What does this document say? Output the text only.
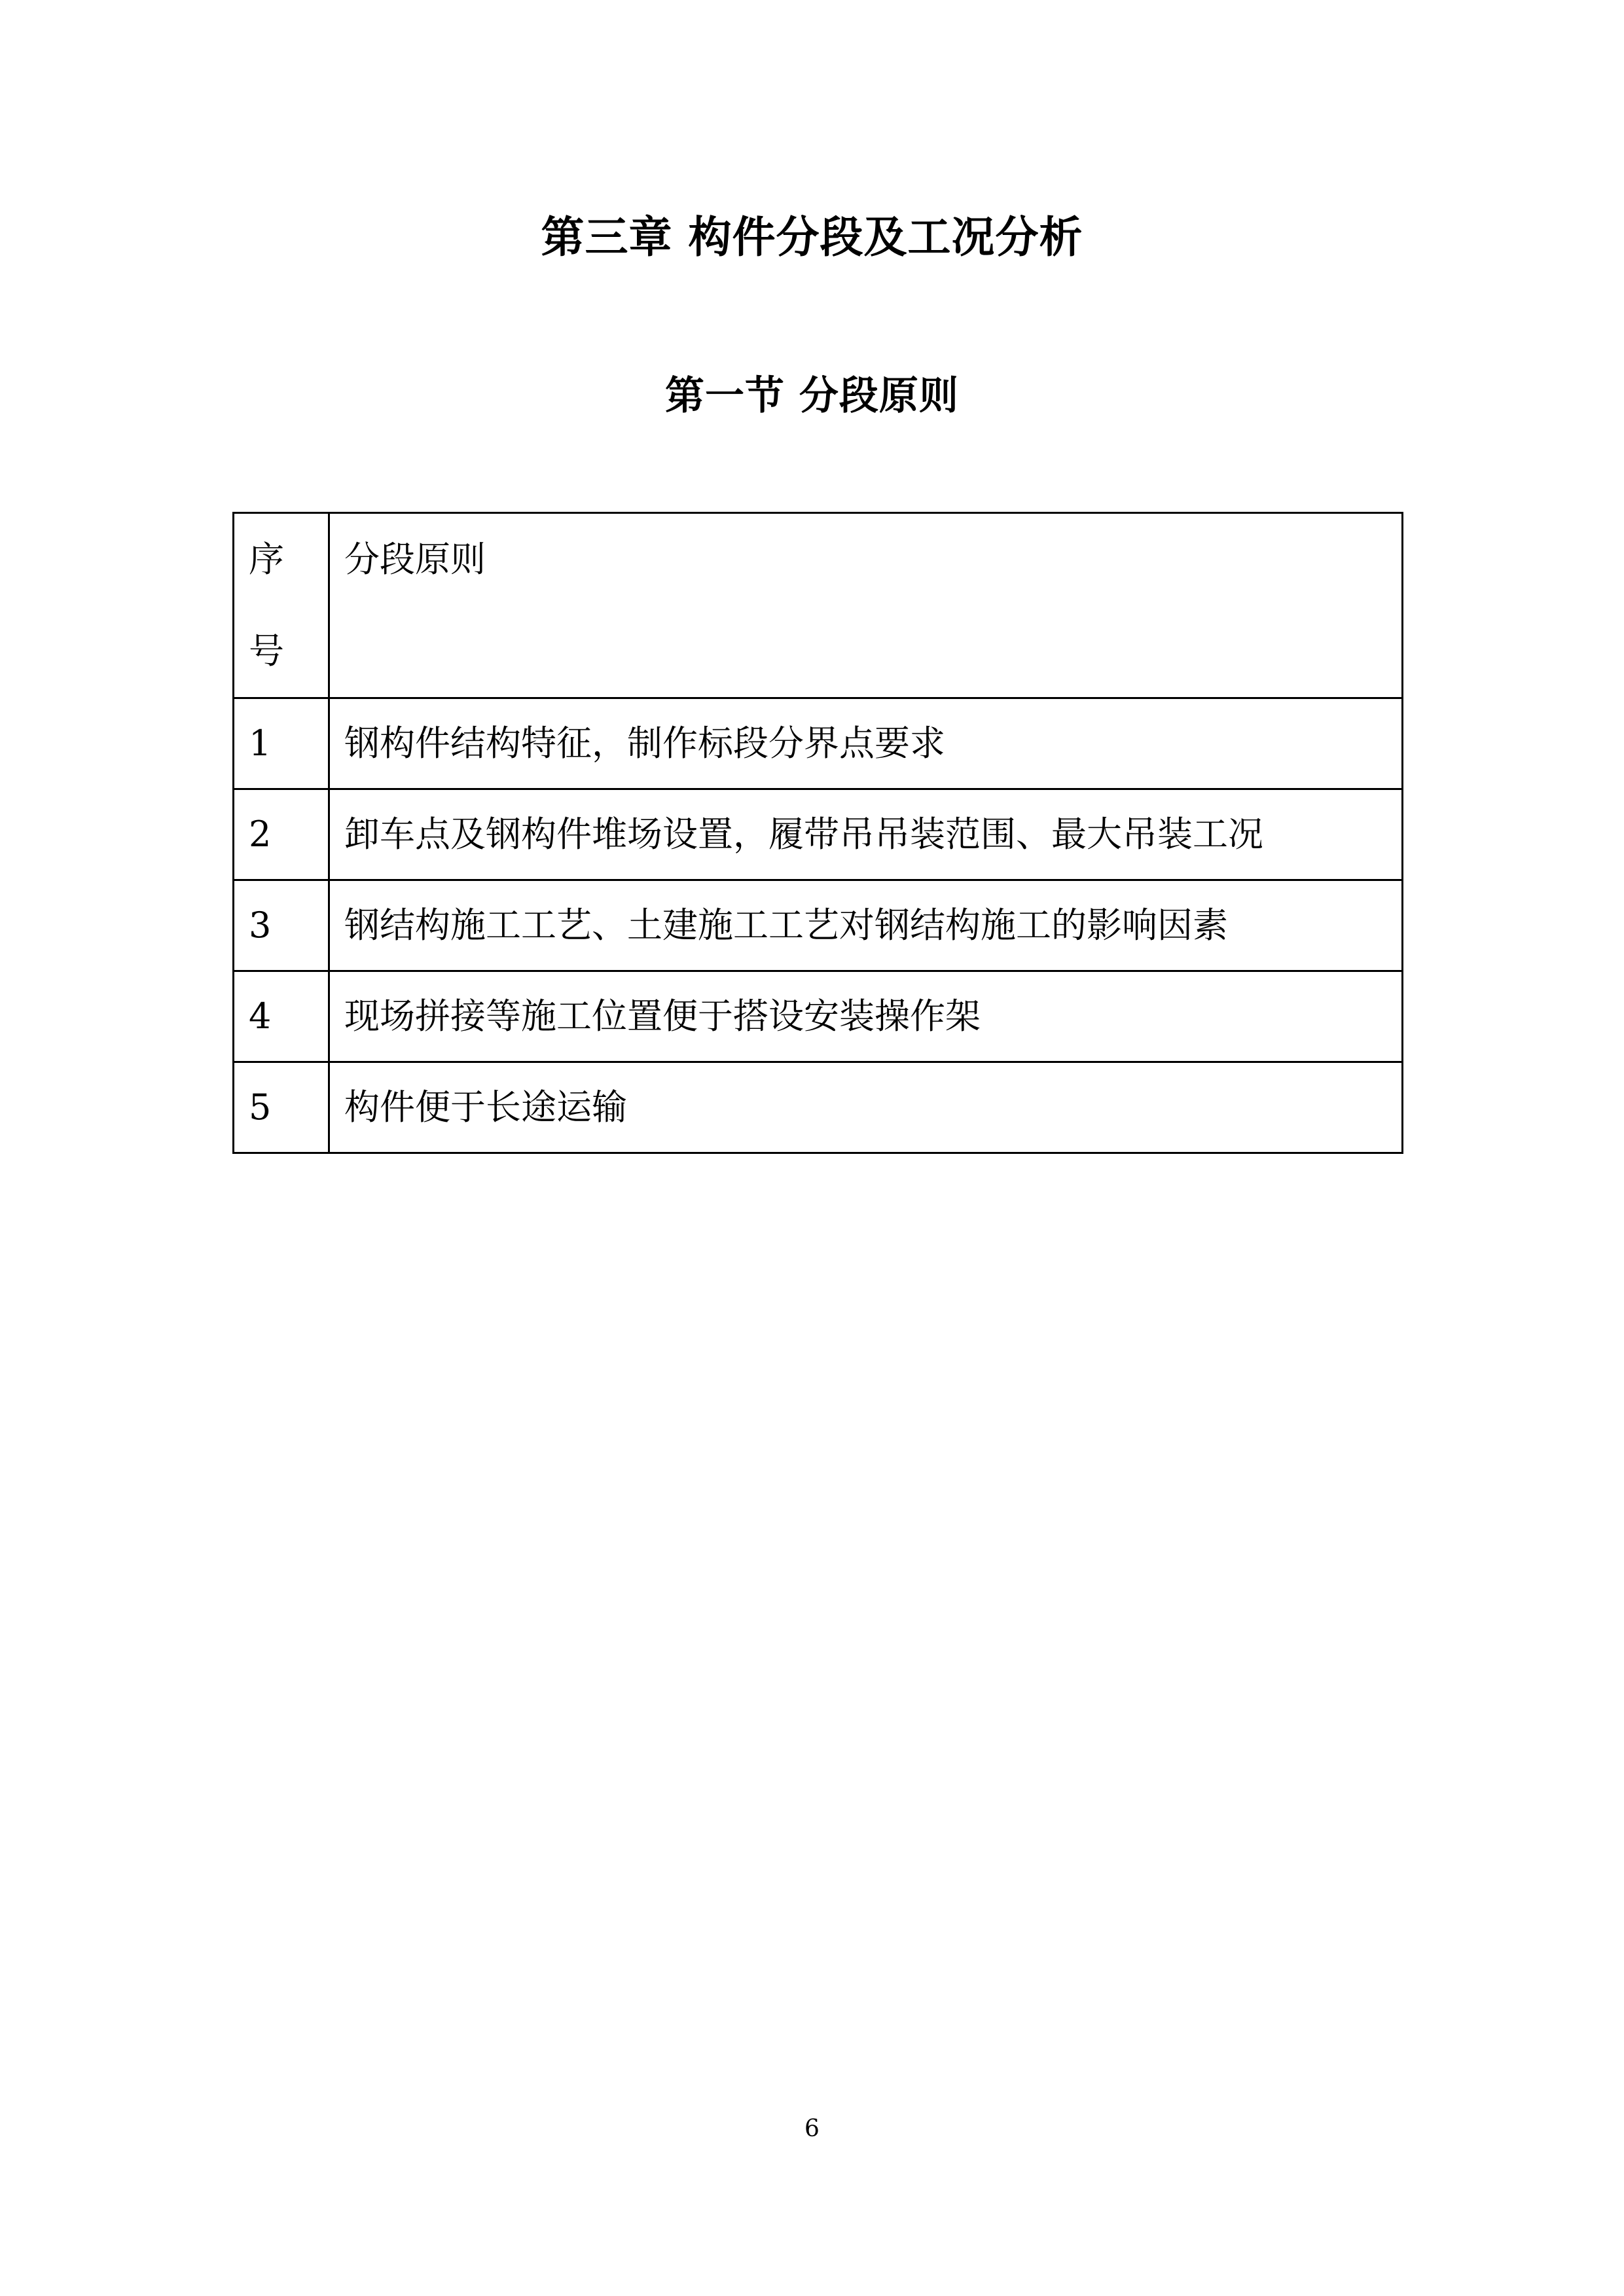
第三章 构件分段及工况分析
第一节 分段原则
序号	分段原则
1	钢构件结构特征，制作标段分界点要求
2	卸车点及钢构件堆场设置，履带吊吊装范围、最大吊装工况
3	钢结构施工工艺、土建施工工艺对钢结构施工的影响因素
4	现场拼接等施工位置便于搭设安装操作架
5	构件便于长途运输
6
